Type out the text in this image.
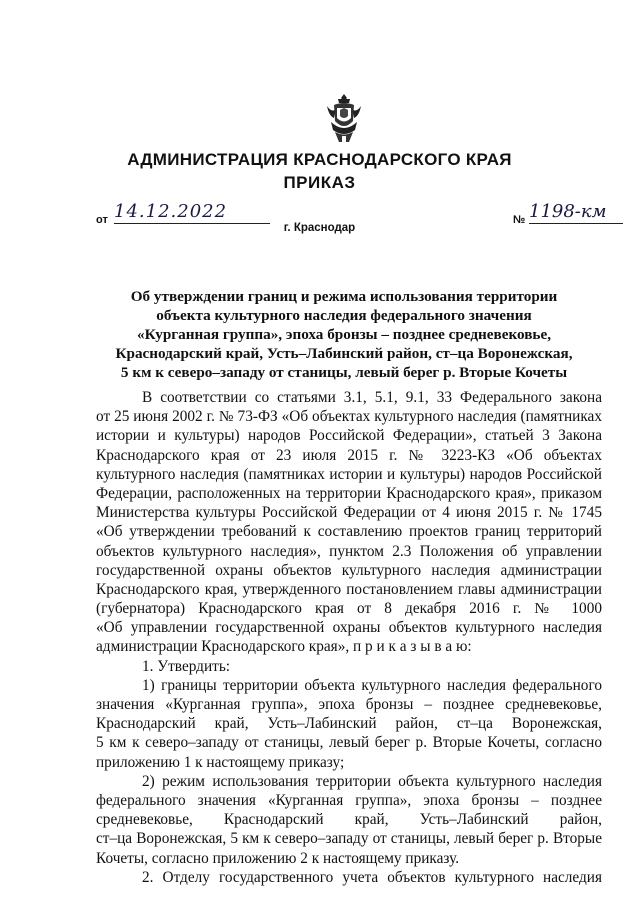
АДМИНИСТРАЦИЯ КРАСНОДАРСКОГО КРАЯ
ПРИКАЗ
от 14.12.2022
г. Краснодар
№ 1198-км
Об утверждении границ и режима использования территории
объекта культурного наследия федерального значения
«Курганная группа», эпоха бронзы – позднее средневековье,
Краснодарский край, Усть–Лабинский район, ст–ца Воронежская,
5 км к северо–западу от станицы, левый берег р. Вторые Кочеты
В соответствии со статьями 3.1, 5.1, 9.1, 33 Федерального закона
от 25 июня 2002 г. № 73-ФЗ «Об объектах культурного наследия (памятниках
истории и культуры) народов Российской Федерации», статьей 3 Закона
Краснодарского края от 23 июля 2015 г. № 3223-КЗ «Об объектах
культурного наследия (памятниках истории и культуры) народов Российской
Федерации, расположенных на территории Краснодарского края», приказом
Министерства культуры Российской Федерации от 4 июня 2015 г. № 1745
«Об утверждении требований к составлению проектов границ территорий
объектов культурного наследия», пунктом 2.3 Положения об управлении
государственной охраны объектов культурного наследия администрации
Краснодарского края, утвержденного постановлением главы администрации
(губернатора) Краснодарского края от 8 декабря 2016 г. № 1000
«Об управлении государственной охраны объектов культурного наследия
администрации Краснодарского края», п р и к а з ы в а ю:
1. Утвердить:
1) границы территории объекта культурного наследия федерального
значения «Курганная группа», эпоха бронзы – позднее средневековье,
Краснодарский край, Усть–Лабинский район, ст–ца Воронежская,
5 км к северо–западу от станицы, левый берег р. Вторые Кочеты, согласно
приложению 1 к настоящему приказу;
2) режим использования территории объекта культурного наследия
федерального значения «Курганная группа», эпоха бронзы – позднее
средневековье, Краснодарский край, Усть–Лабинский район,
ст–ца Воронежская, 5 км к северо–западу от станицы, левый берег р. Вторые
Кочеты, согласно приложению 2 к настоящему приказу.
2. Отделу государственного учета объектов культурного наследия
